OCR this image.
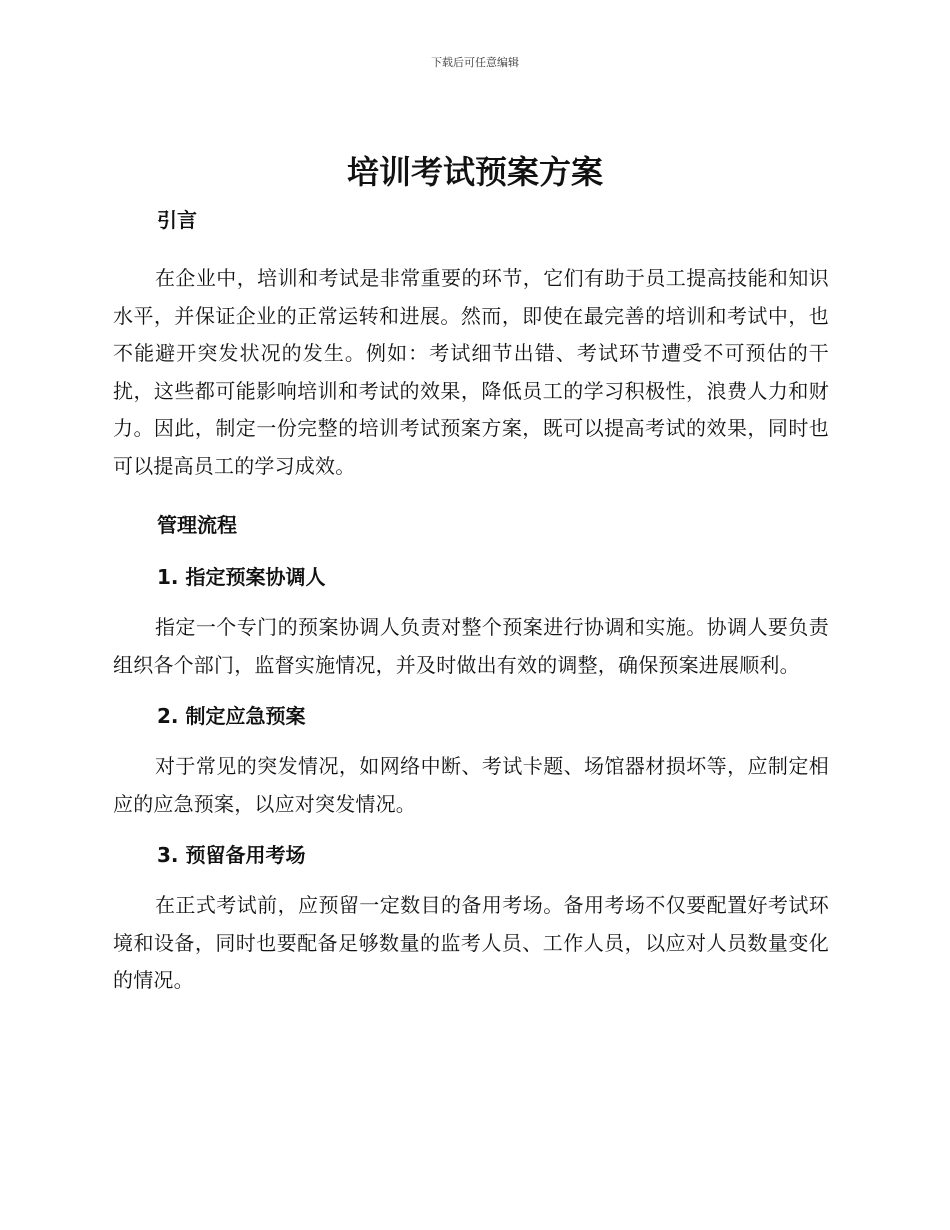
下载后可任意编辑
培训考试预案方案

引言

在企业中，培训和考试是非常重要的环节，它们有助于员工提高技能和知识水平，并保证企业的正常运转和进展。然而，即使在最完善的培训和考试中，也不能避开突发状况的发生。例如：考试细节出错、考试环节遭受不可预估的干扰，这些都可能影响培训和考试的效果，降低员工的学习积极性，浪费人力和财力。因此，制定一份完整的培训考试预案方案，既可以提高考试的效果，同时也可以提高员工的学习成效。

管理流程

1. 指定预案协调人

指定一个专门的预案协调人负责对整个预案进行协调和实施。协调人要负责组织各个部门，监督实施情况，并及时做出有效的调整，确保预案进展顺利。

2. 制定应急预案

对于常见的突发情况，如网络中断、考试卡题、场馆器材损坏等，应制定相应的应急预案，以应对突发情况。

3. 预留备用考场

在正式考试前，应预留一定数目的备用考场。备用考场不仅要配置好考试环境和设备，同时也要配备足够数量的监考人员、工作人员，以应对人员数量变化的情况。
